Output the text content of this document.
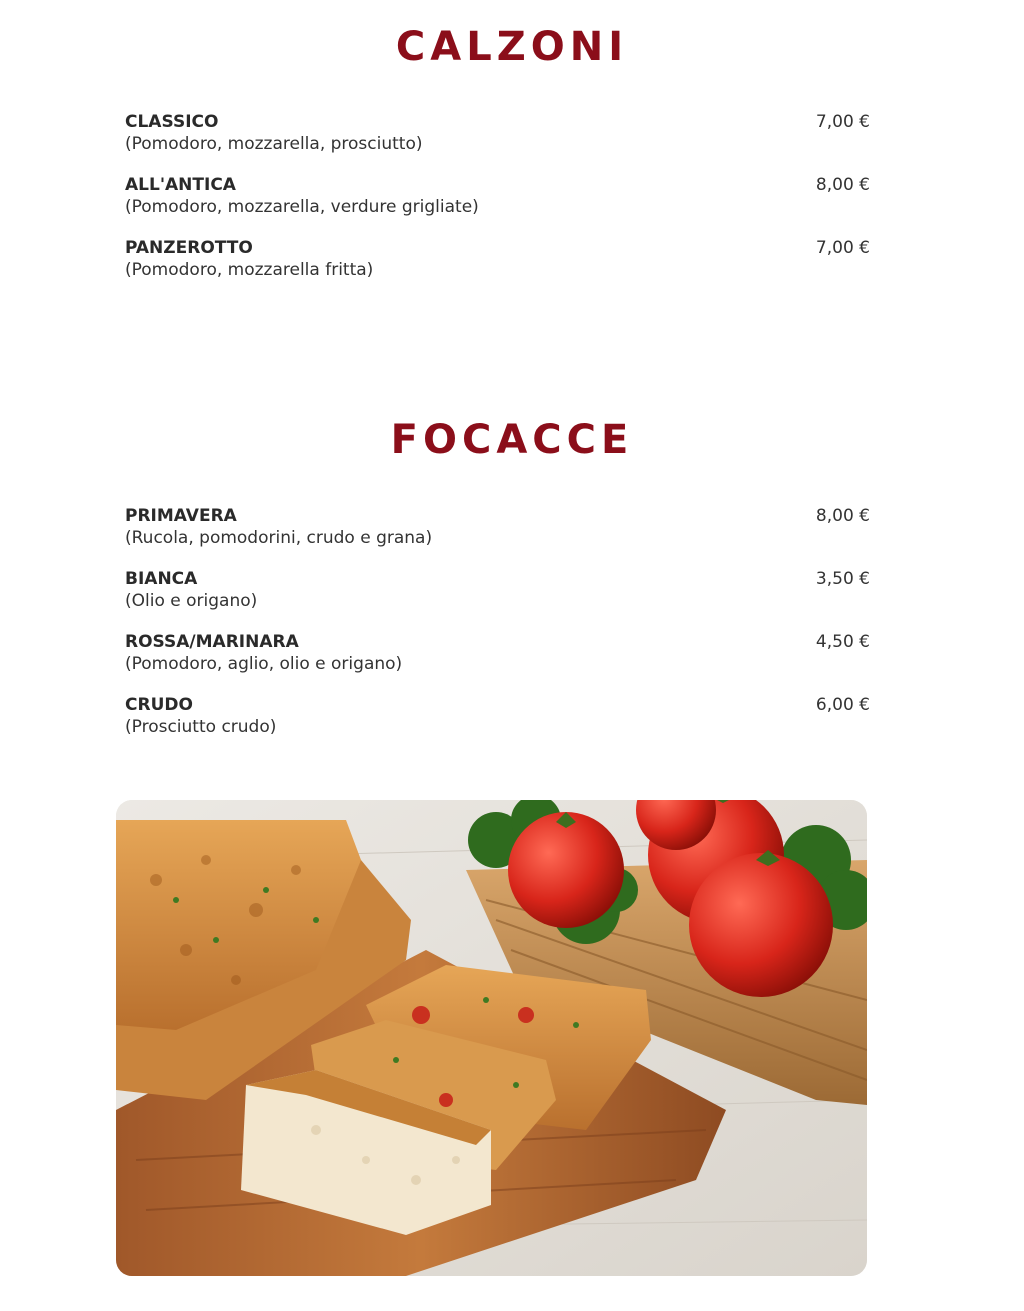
CALZONI
CLASSICO
(Pomodoro, mozzarella, prosciutto)
7,00 €
ALL'ANTICA
(Pomodoro, mozzarella, verdure grigliate)
8,00 €
PANZEROTTO
(Pomodoro, mozzarella fritta)
7,00 €
FOCACCE
PRIMAVERA
(Rucola, pomodorini, crudo e grana)
8,00 €
BIANCA
(Olio e origano)
3,50 €
ROSSA/MARINARA
(Pomodoro, aglio, olio e origano)
4,50 €
CRUDO
(Prosciutto crudo)
6,00 €
